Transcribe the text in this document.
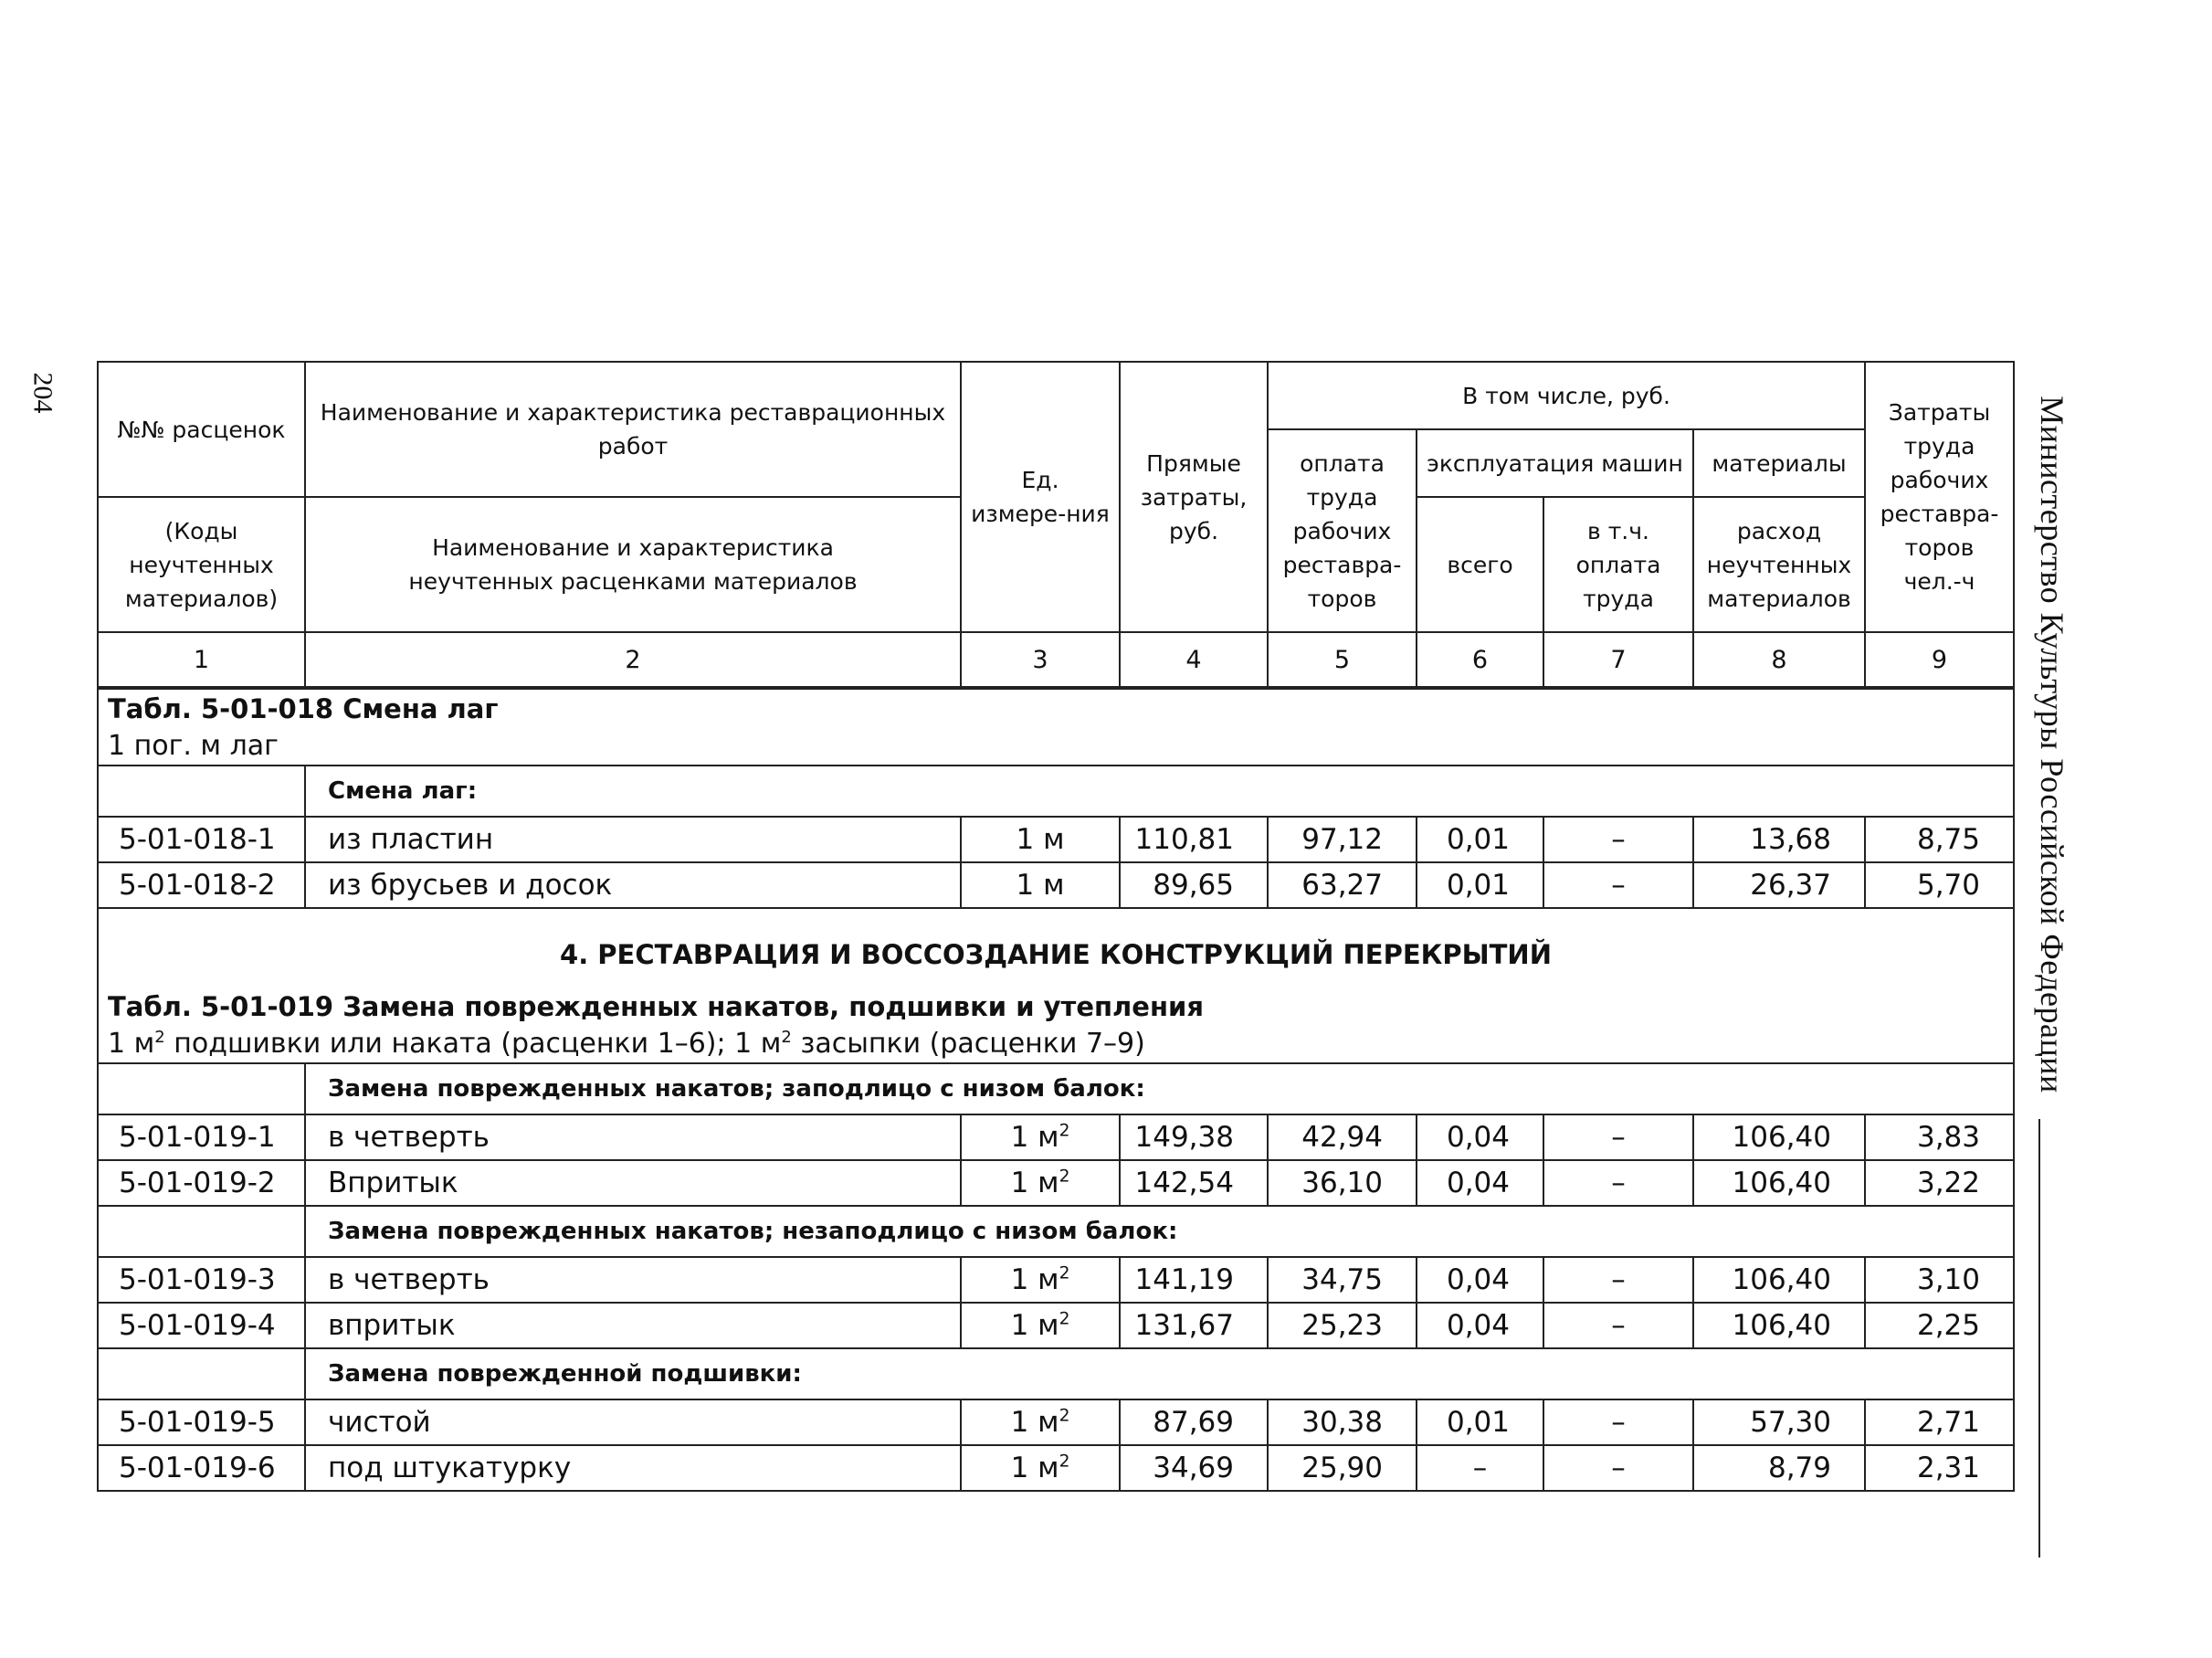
204
Министерство Культуры Российской Федерации
№№ расценок	Наименование и характеристика реставрационных работ	Ед. измере-ния	Прямые затраты, руб.	В том числе, руб.				Затраты труда рабочих реставра-торов чел.-ч
				оплата труда рабочих реставра-торов	эксплуатация машин		материалы	
(Коды неучтенных материалов)	Наименование и характеристика неучтенных расценками материалов				всего	в т.ч. оплата труда	расход неучтенных материалов	

1	2	3	4	5	6	7	8	9

Табл. 5-01-018 Смена лаг
1 пог. м лаг								

	Смена лаг:							
5-01-018-1	из пластин	1 м	110,81	97,12	0,01	–	13,68	8,75
5-01-018-2	из брусьев и досок	1 м	89,65	63,27	0,01	–	26,37	5,70

4. РЕСТАВРАЦИЯ И ВОССОЗДАНИЕ КОНСТРУКЦИЙ ПЕРЕКРЫТИЙ
Табл. 5-01-019 Замена поврежденных накатов, подшивки и утепления
1 $м^2$ подшивки или наката (расценки 1–6); 1 $м^2$ засыпки (расценки 7–9)								

	Замена поврежденных накатов; заподлицо с низом балок:							
5-01-019-1	в четверть	1 $м^2$	149,38	42,94	0,04	–	106,40	3,83
5-01-019-2	Впритык	1 $м^2$	142,54	36,10	0,04	–	106,40	3,22
	Замена поврежденных накатов; незаподлицо с низом балок:							
5-01-019-3	в четверть	1 $м^2$	141,19	34,75	0,04	–	106,40	3,10
5-01-019-4	впритык	1 $м^2$	131,67	25,23	0,04	–	106,40	2,25
	Замена поврежденной подшивки:							
5-01-019-5	чистой	1 $м^2$	87,69	30,38	0,01	–	57,30	2,71
5-01-019-6	под штукатурку	1 $м^2$	34,69	25,90	–	–	8,79	2,31
